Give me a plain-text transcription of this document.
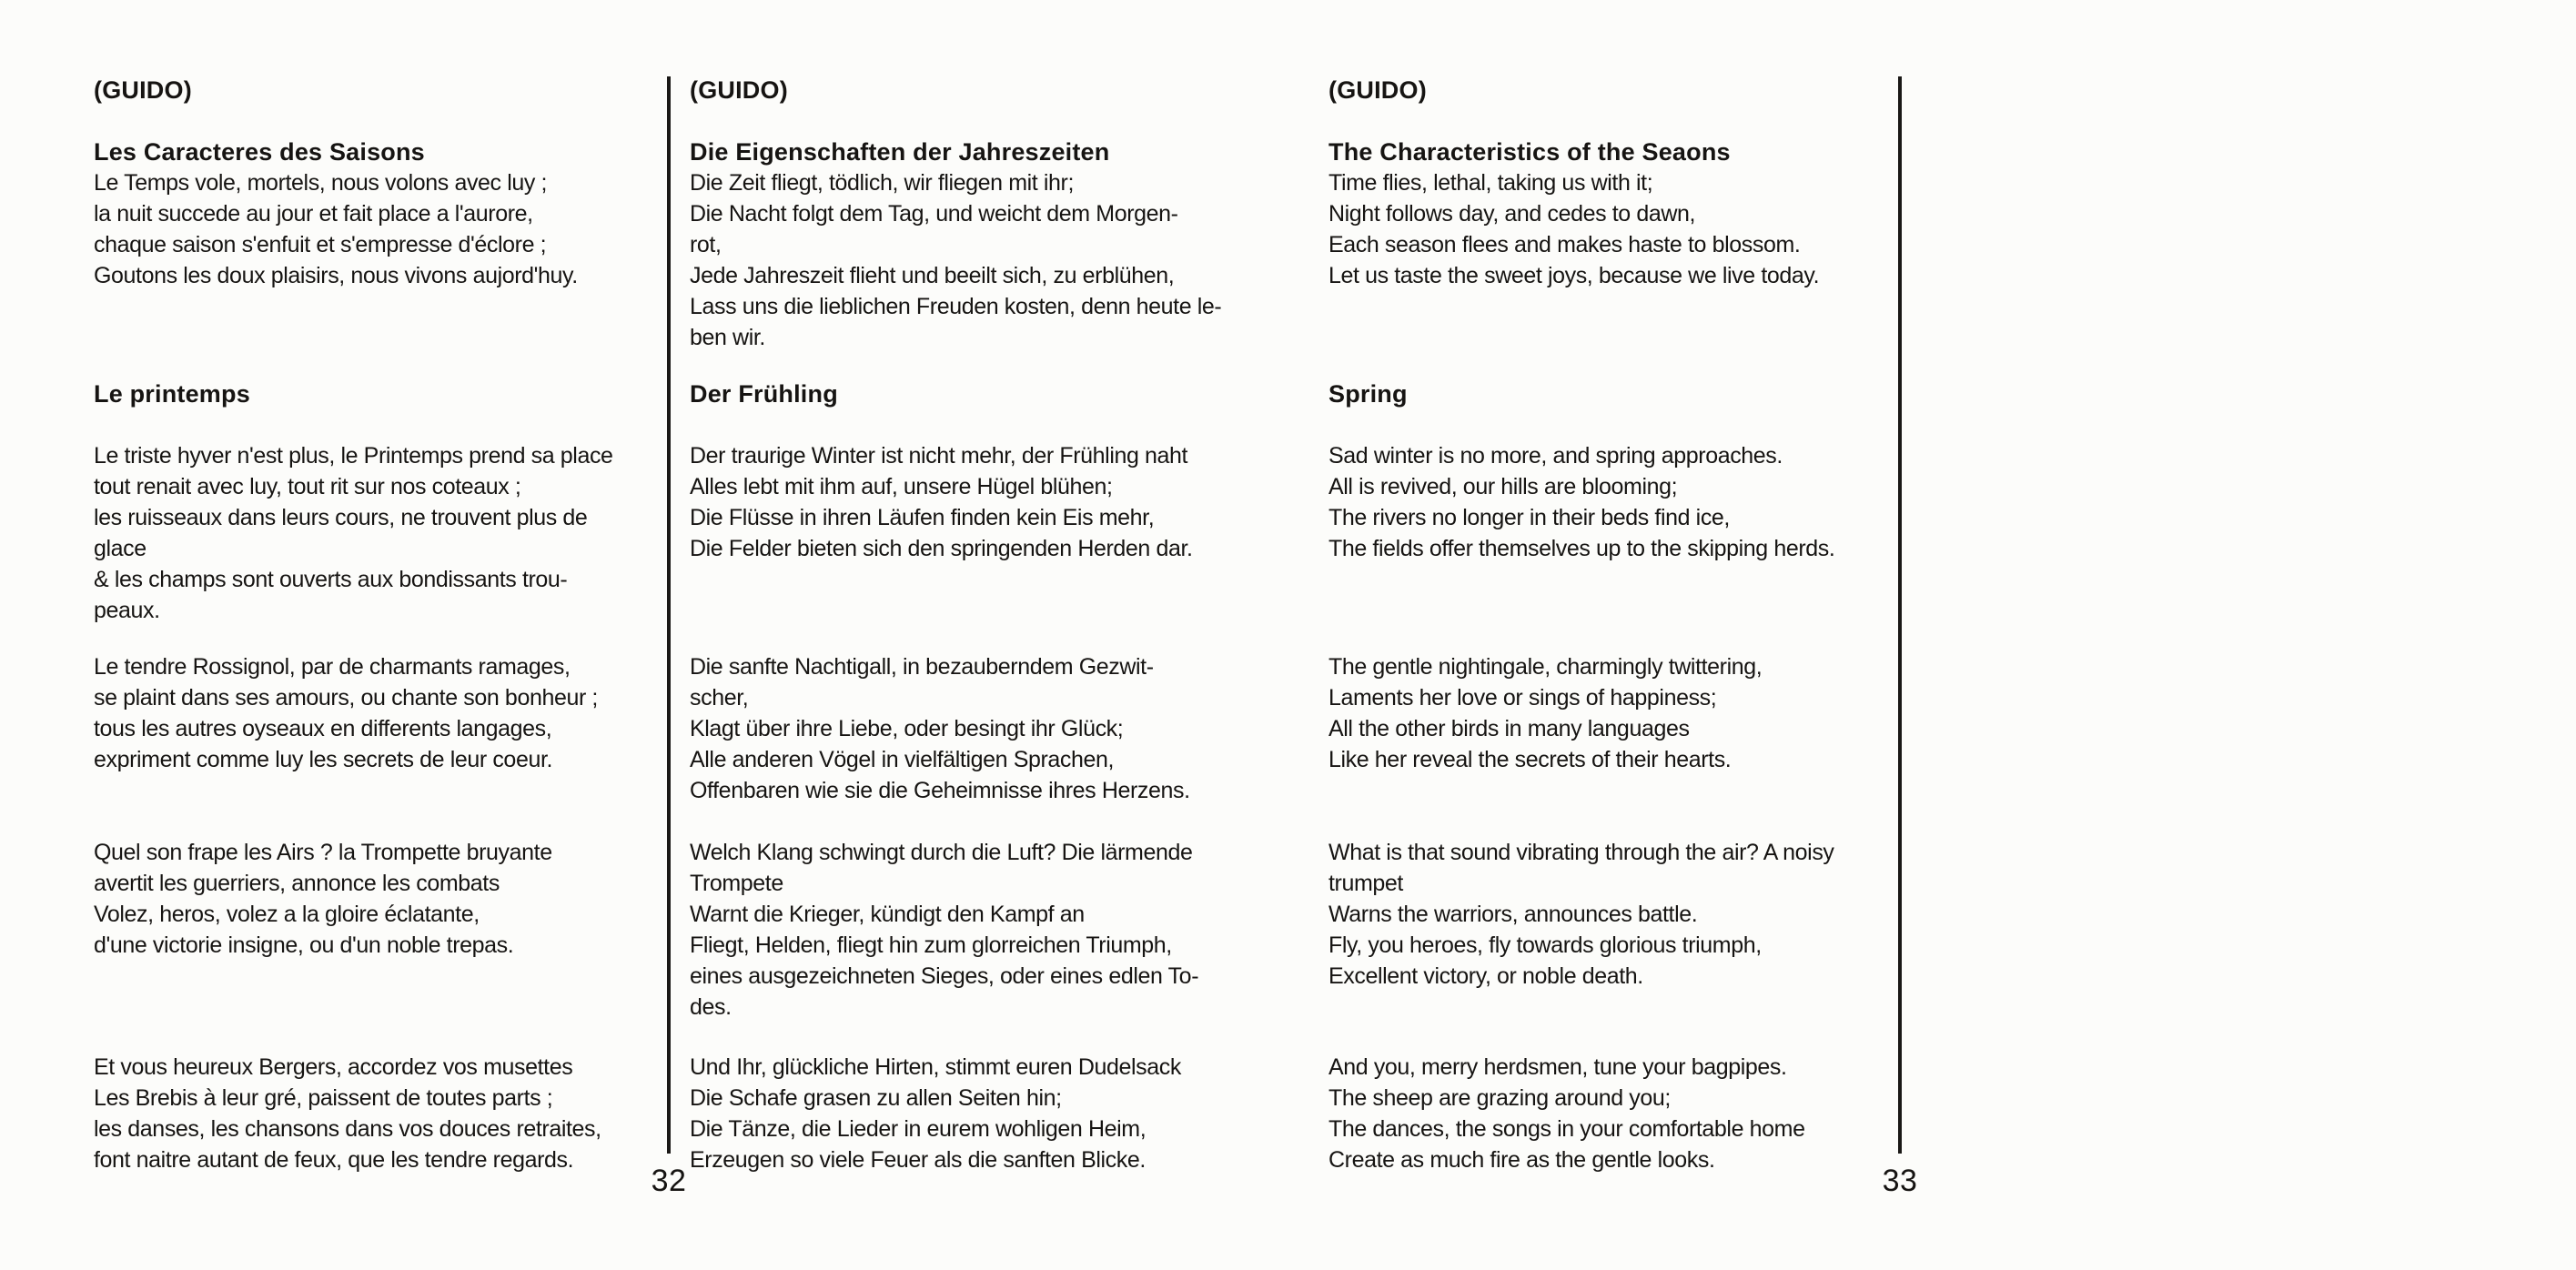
(GUIDO)
Les Caracteres des Saisons
Le Temps vole, mortels, nous volons avec luy ;
la nuit succede au jour et fait place a l'aurore,
chaque saison s'enfuit et s'empresse d'éclore ;
Goutons les doux plaisirs, nous vivons aujord'huy.
Le printemps
Le triste hyver n'est plus, le Printemps prend sa place
tout renait avec luy, tout rit sur nos coteaux ;
les ruisseaux dans leurs cours, ne trouvent plus de
glace
& les champs sont ouverts aux bondissants trou-
peaux.
Le tendre Rossignol, par de charmants ramages,
se plaint dans ses amours, ou chante son bonheur ;
tous les autres oyseaux en differents langages,
expriment comme luy les secrets de leur coeur.
Quel son frape les Airs ? la Trompette bruyante
avertit les guerriers, annonce les combats
Volez, heros, volez a la gloire éclatante,
d'une victorie insigne, ou d'un noble trepas.
Et vous heureux Bergers, accordez vos musettes
Les Brebis à leur gré, paissent de toutes parts ;
les danses, les chansons dans vos douces retraites,
font naitre autant de feux, que les tendre regards.
(GUIDO)
Die Eigenschaften der Jahreszeiten
Die Zeit fliegt, tödlich, wir fliegen mit ihr;
Die Nacht folgt dem Tag, und weicht dem Morgen-
rot,
Jede Jahreszeit flieht und beeilt sich, zu erblühen,
Lass uns die lieblichen Freuden kosten, denn heute le-
ben wir.
Der Frühling
Der traurige Winter ist nicht mehr, der Frühling naht
Alles lebt mit ihm auf, unsere Hügel blühen;
Die Flüsse in ihren Läufen finden kein Eis mehr,
Die Felder bieten sich den springenden Herden dar.
Die sanfte Nachtigall, in bezauberndem Gezwit-
scher,
Klagt über ihre Liebe, oder besingt ihr Glück;
Alle anderen Vögel in vielfältigen Sprachen,
Offenbaren wie sie die Geheimnisse ihres Herzens.
Welch Klang schwingt durch die Luft? Die lärmende
Trompete
Warnt die Krieger, kündigt den Kampf an
Fliegt, Helden, fliegt hin zum glorreichen Triumph,
eines ausgezeichneten Sieges, oder eines edlen To-
des.
Und Ihr, glückliche Hirten, stimmt euren Dudelsack
Die Schafe grasen zu allen Seiten hin;
Die Tänze, die Lieder in eurem wohligen Heim,
Erzeugen so viele Feuer als die sanften Blicke.
(GUIDO)
The Characteristics of the Seaons
Time flies, lethal, taking us with it;
Night follows day, and cedes to dawn,
Each season flees and makes haste to blossom.
Let us taste the sweet joys, because we live today.
Spring
Sad winter is no more, and spring approaches.
All is revived, our hills are blooming;
The rivers no longer in their beds find ice,
The fields offer themselves up to the skipping herds.
The gentle nightingale, charmingly twittering,
Laments her love or sings of happiness;
All the other birds in many languages
Like her reveal the secrets of their hearts.
What is that sound vibrating through the air? A noisy
trumpet
Warns the warriors, announces battle.
Fly, you heroes, fly towards glorious triumph,
Excellent victory, or noble death.
And you, merry herdsmen, tune your bagpipes.
The sheep are grazing around you;
The dances, the songs in your comfortable home
Create as much fire as the gentle looks.
32	33
